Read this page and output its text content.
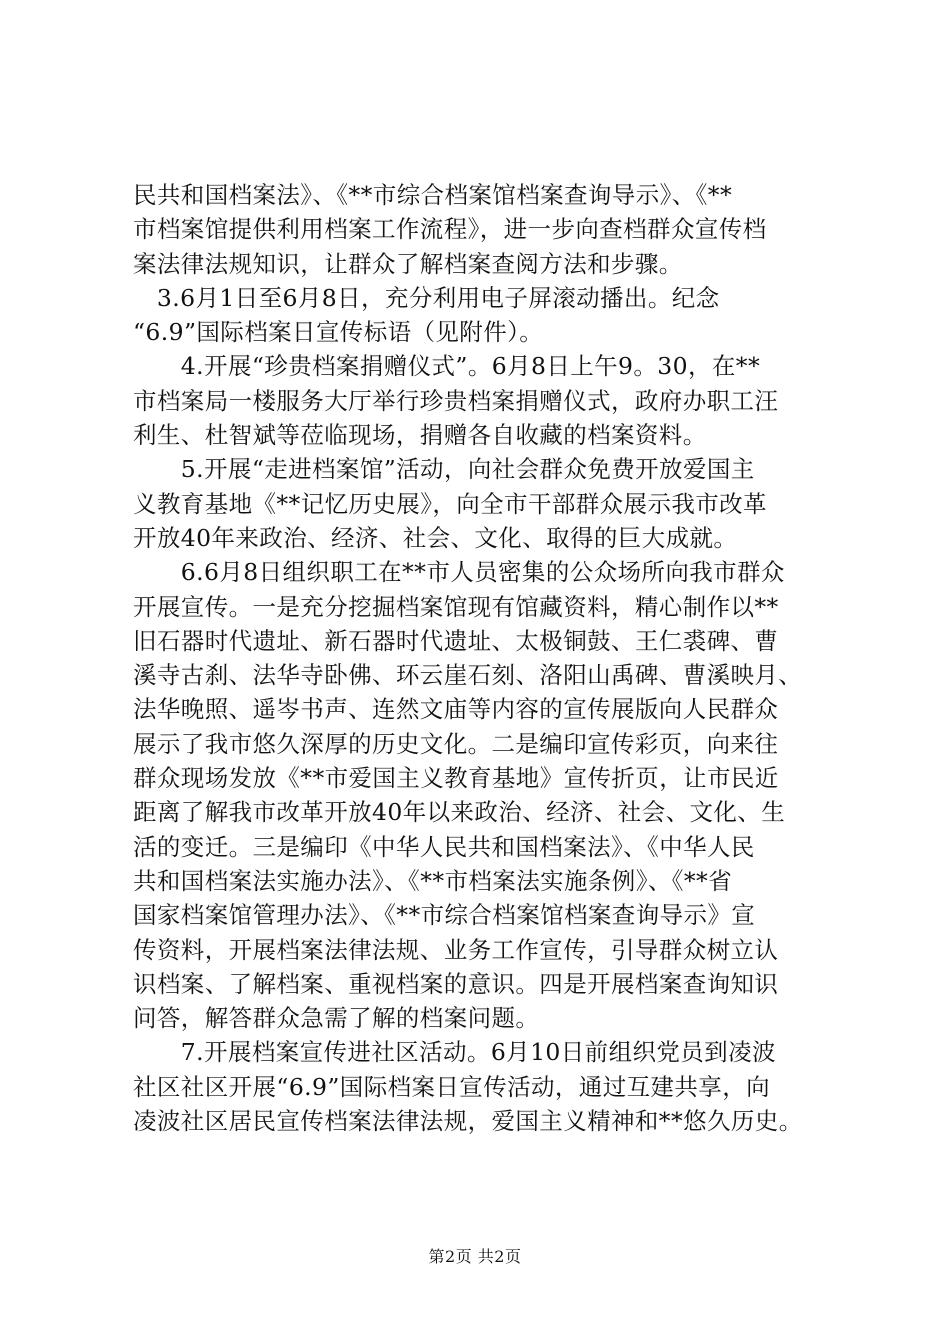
民共和国档案法》、《**市综合档案馆档案查询导示》、《**
市档案馆提供利用档案工作流程》，进一步向查档群众宣传档
案法律法规知识，让群众了解档案查阅方法和步骤。
　3.6月1日至6月8日，充分利用电子屏滚动播出。纪念
“6.9”国际档案日宣传标语（见附件）。
　　4.开展“珍贵档案捐赠仪式”。6月8日上午9。30，在**
市档案局一楼服务大厅举行珍贵档案捐赠仪式，政府办职工汪
利生、杜智斌等莅临现场，捐赠各自收藏的档案资料。
　　5.开展“走进档案馆”活动，向社会群众免费开放爱国主
义教育基地《**记忆历史展》，向全市干部群众展示我市改革
开放40年来政治、经济、社会、文化、取得的巨大成就。
　　6.6月8日组织职工在**市人员密集的公众场所向我市群众
开展宣传。一是充分挖掘档案馆现有馆藏资料，精心制作以**
旧石器时代遗址、新石器时代遗址、太极铜鼓、王仁裘碑、曹
溪寺古刹、法华寺卧佛、环云崖石刻、洛阳山禹碑、曹溪映月、
法华晚照、遥岑书声、连然文庙等内容的宣传展版向人民群众
展示了我市悠久深厚的历史文化。二是编印宣传彩页，向来往
群众现场发放《**市爱国主义教育基地》宣传折页，让市民近
距离了解我市改革开放40年以来政治、经济、社会、文化、生
活的变迁。三是编印《中华人民共和国档案法》、《中华人民
共和国档案法实施办法》、《**市档案法实施条例》、《**省
国家档案馆管理办法》、《**市综合档案馆档案查询导示》宣
传资料，开展档案法律法规、业务工作宣传，引导群众树立认
识档案、了解档案、重视档案的意识。四是开展档案查询知识
问答，解答群众急需了解的档案问题。
　　7.开展档案宣传进社区活动。6月10日前组织党员到凌波
社区社区开展“6.9”国际档案日宣传活动，通过互建共享，向
凌波社区居民宣传档案法律法规，爱国主义精神和**悠久历史。
第2页 共2页
